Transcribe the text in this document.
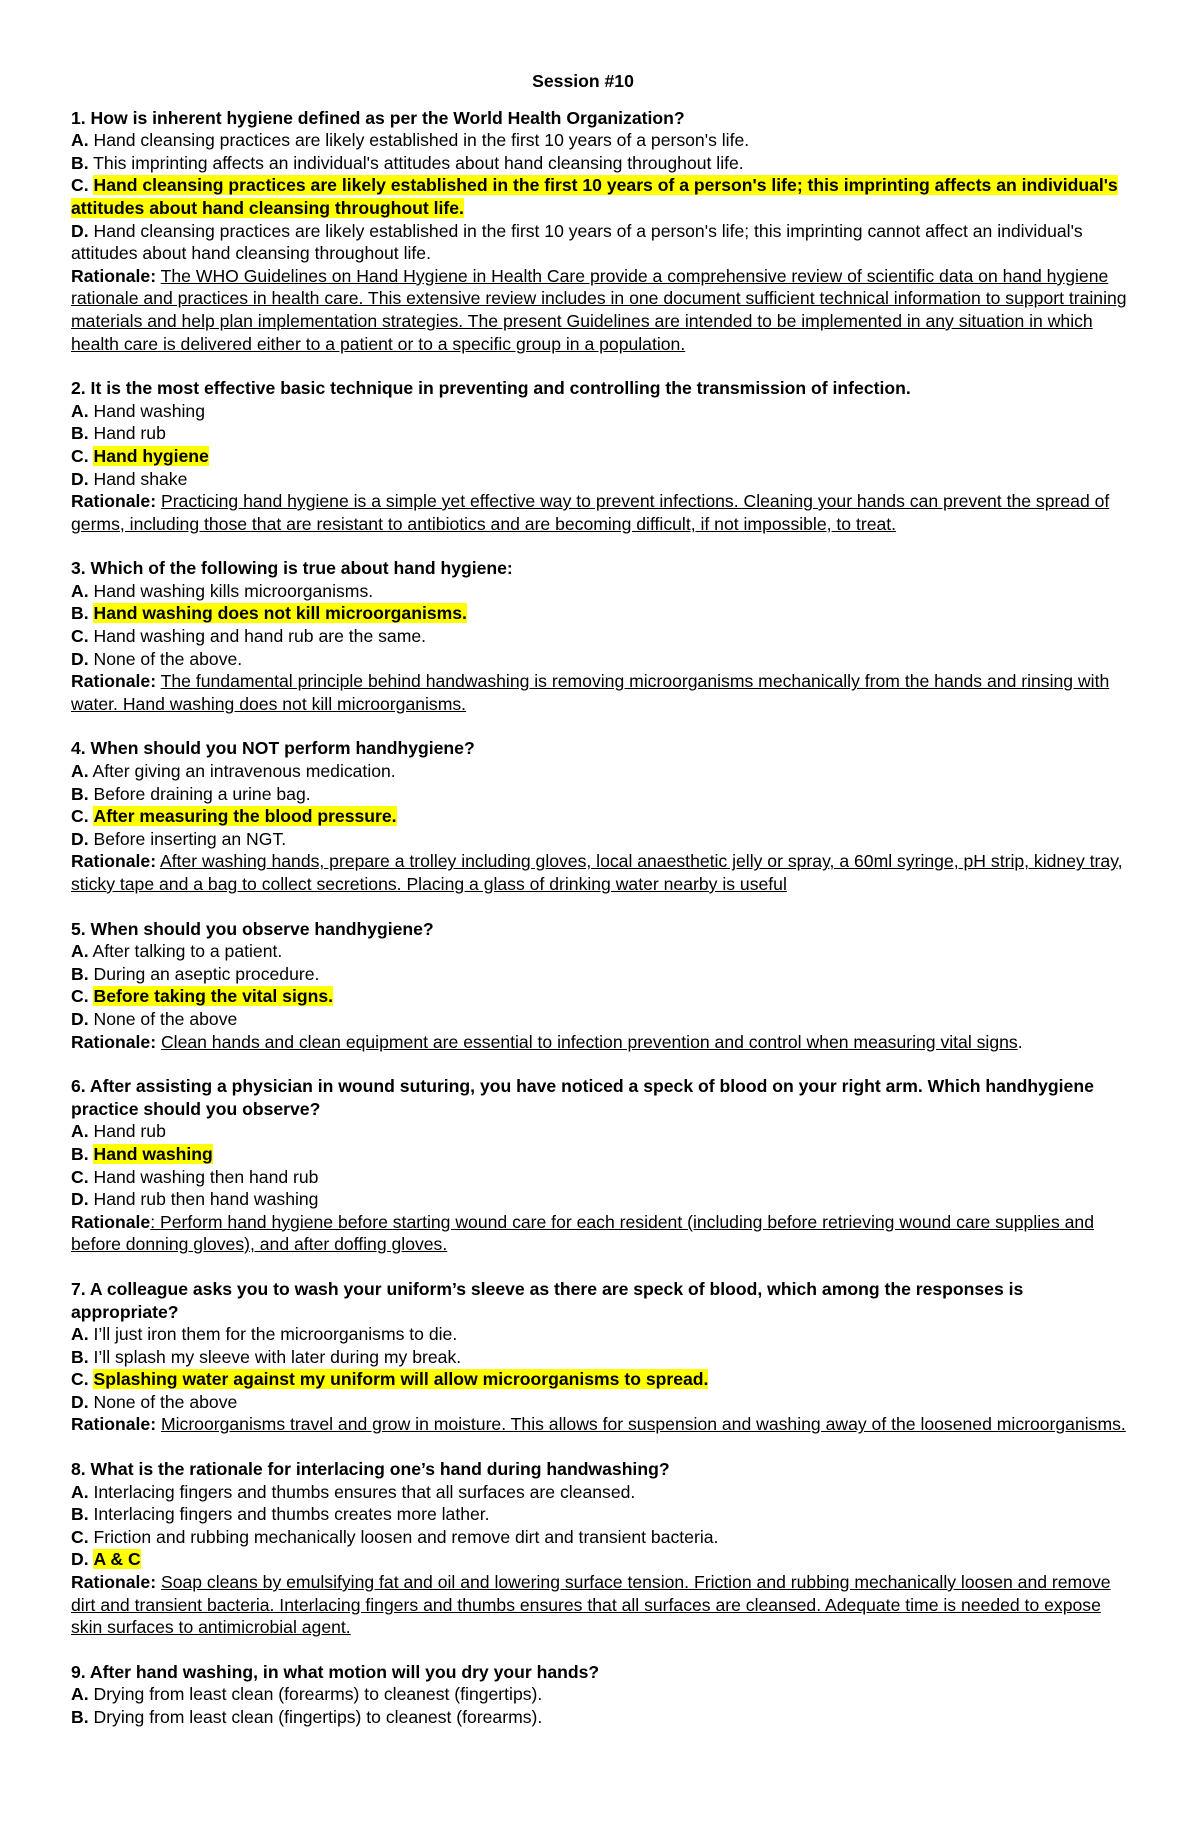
Session #10
1. How is inherent hygiene defined as per the World Health Organization?
A. Hand cleansing practices are likely established in the first 10 years of a person's life.
B. This imprinting affects an individual's attitudes about hand cleansing throughout life.
C. Hand cleansing practices are likely established in the first 10 years of a person's life; this imprinting affects an individual's attitudes about hand cleansing throughout life.
D. Hand cleansing practices are likely established in the first 10 years of a person's life; this imprinting cannot affect an individual's attitudes about hand cleansing throughout life.
Rationale: The WHO Guidelines on Hand Hygiene in Health Care provide a comprehensive review of scientific data on hand hygiene rationale and practices in health care. This extensive review includes in one document sufficient technical information to support training materials and help plan implementation strategies. The present Guidelines are intended to be implemented in any situation in which health care is delivered either to a patient or to a specific group in a population.
2. It is the most effective basic technique in preventing and controlling the transmission of infection.
A. Hand washing
B. Hand rub
C. Hand hygiene
D. Hand shake
Rationale: Practicing hand hygiene is a simple yet effective way to prevent infections. Cleaning your hands can prevent the spread of germs, including those that are resistant to antibiotics and are becoming difficult, if not impossible, to treat.
3. Which of the following is true about hand hygiene:
A. Hand washing kills microorganisms.
B. Hand washing does not kill microorganisms.
C. Hand washing and hand rub are the same.
D. None of the above.
Rationale: The fundamental principle behind handwashing is removing microorganisms mechanically from the hands and rinsing with water. Hand washing does not kill microorganisms.
4. When should you NOT perform handhygiene?
A. After giving an intravenous medication.
B. Before draining a urine bag.
C. After measuring the blood pressure.
D. Before inserting an NGT.
Rationale: After washing hands, prepare a trolley including gloves, local anaesthetic jelly or spray, a 60ml syringe, pH strip, kidney tray, sticky tape and a bag to collect secretions. Placing a glass of drinking water nearby is useful
5. When should you observe handhygiene?
A. After talking to a patient.
B. During an aseptic procedure.
C. Before taking the vital signs.
D. None of the above
Rationale: Clean hands and clean equipment are essential to infection prevention and control when measuring vital signs.
6. After assisting a physician in wound suturing, you have noticed a speck of blood on your right arm. Which handhygiene practice should you observe?
A. Hand rub
B. Hand washing
C. Hand washing then hand rub
D. Hand rub then hand washing
Rationale: Perform hand hygiene before starting wound care for each resident (including before retrieving wound care supplies and before donning gloves), and after doffing gloves.
7. A colleague asks you to wash your uniform’s sleeve as there are speck of blood, which among the responses is appropriate?
A. I’ll just iron them for the microorganisms to die.
B. I’ll splash my sleeve with later during my break.
C. Splashing water against my uniform will allow microorganisms to spread.
D. None of the above
Rationale: Microorganisms travel and grow in moisture. This allows for suspension and washing away of the loosened microorganisms.
8. What is the rationale for interlacing one’s hand during handwashing?
A. Interlacing fingers and thumbs ensures that all surfaces are cleansed.
B. Interlacing fingers and thumbs creates more lather.
C. Friction and rubbing mechanically loosen and remove dirt and transient bacteria.
D. A & C
Rationale: Soap cleans by emulsifying fat and oil and lowering surface tension. Friction and rubbing mechanically loosen and remove dirt and transient bacteria. Interlacing fingers and thumbs ensures that all surfaces are cleansed. Adequate time is needed to expose skin surfaces to antimicrobial agent.
9. After hand washing, in what motion will you dry your hands?
A. Drying from least clean (forearms) to cleanest (fingertips).
B. Drying from least clean (fingertips) to cleanest (forearms).
